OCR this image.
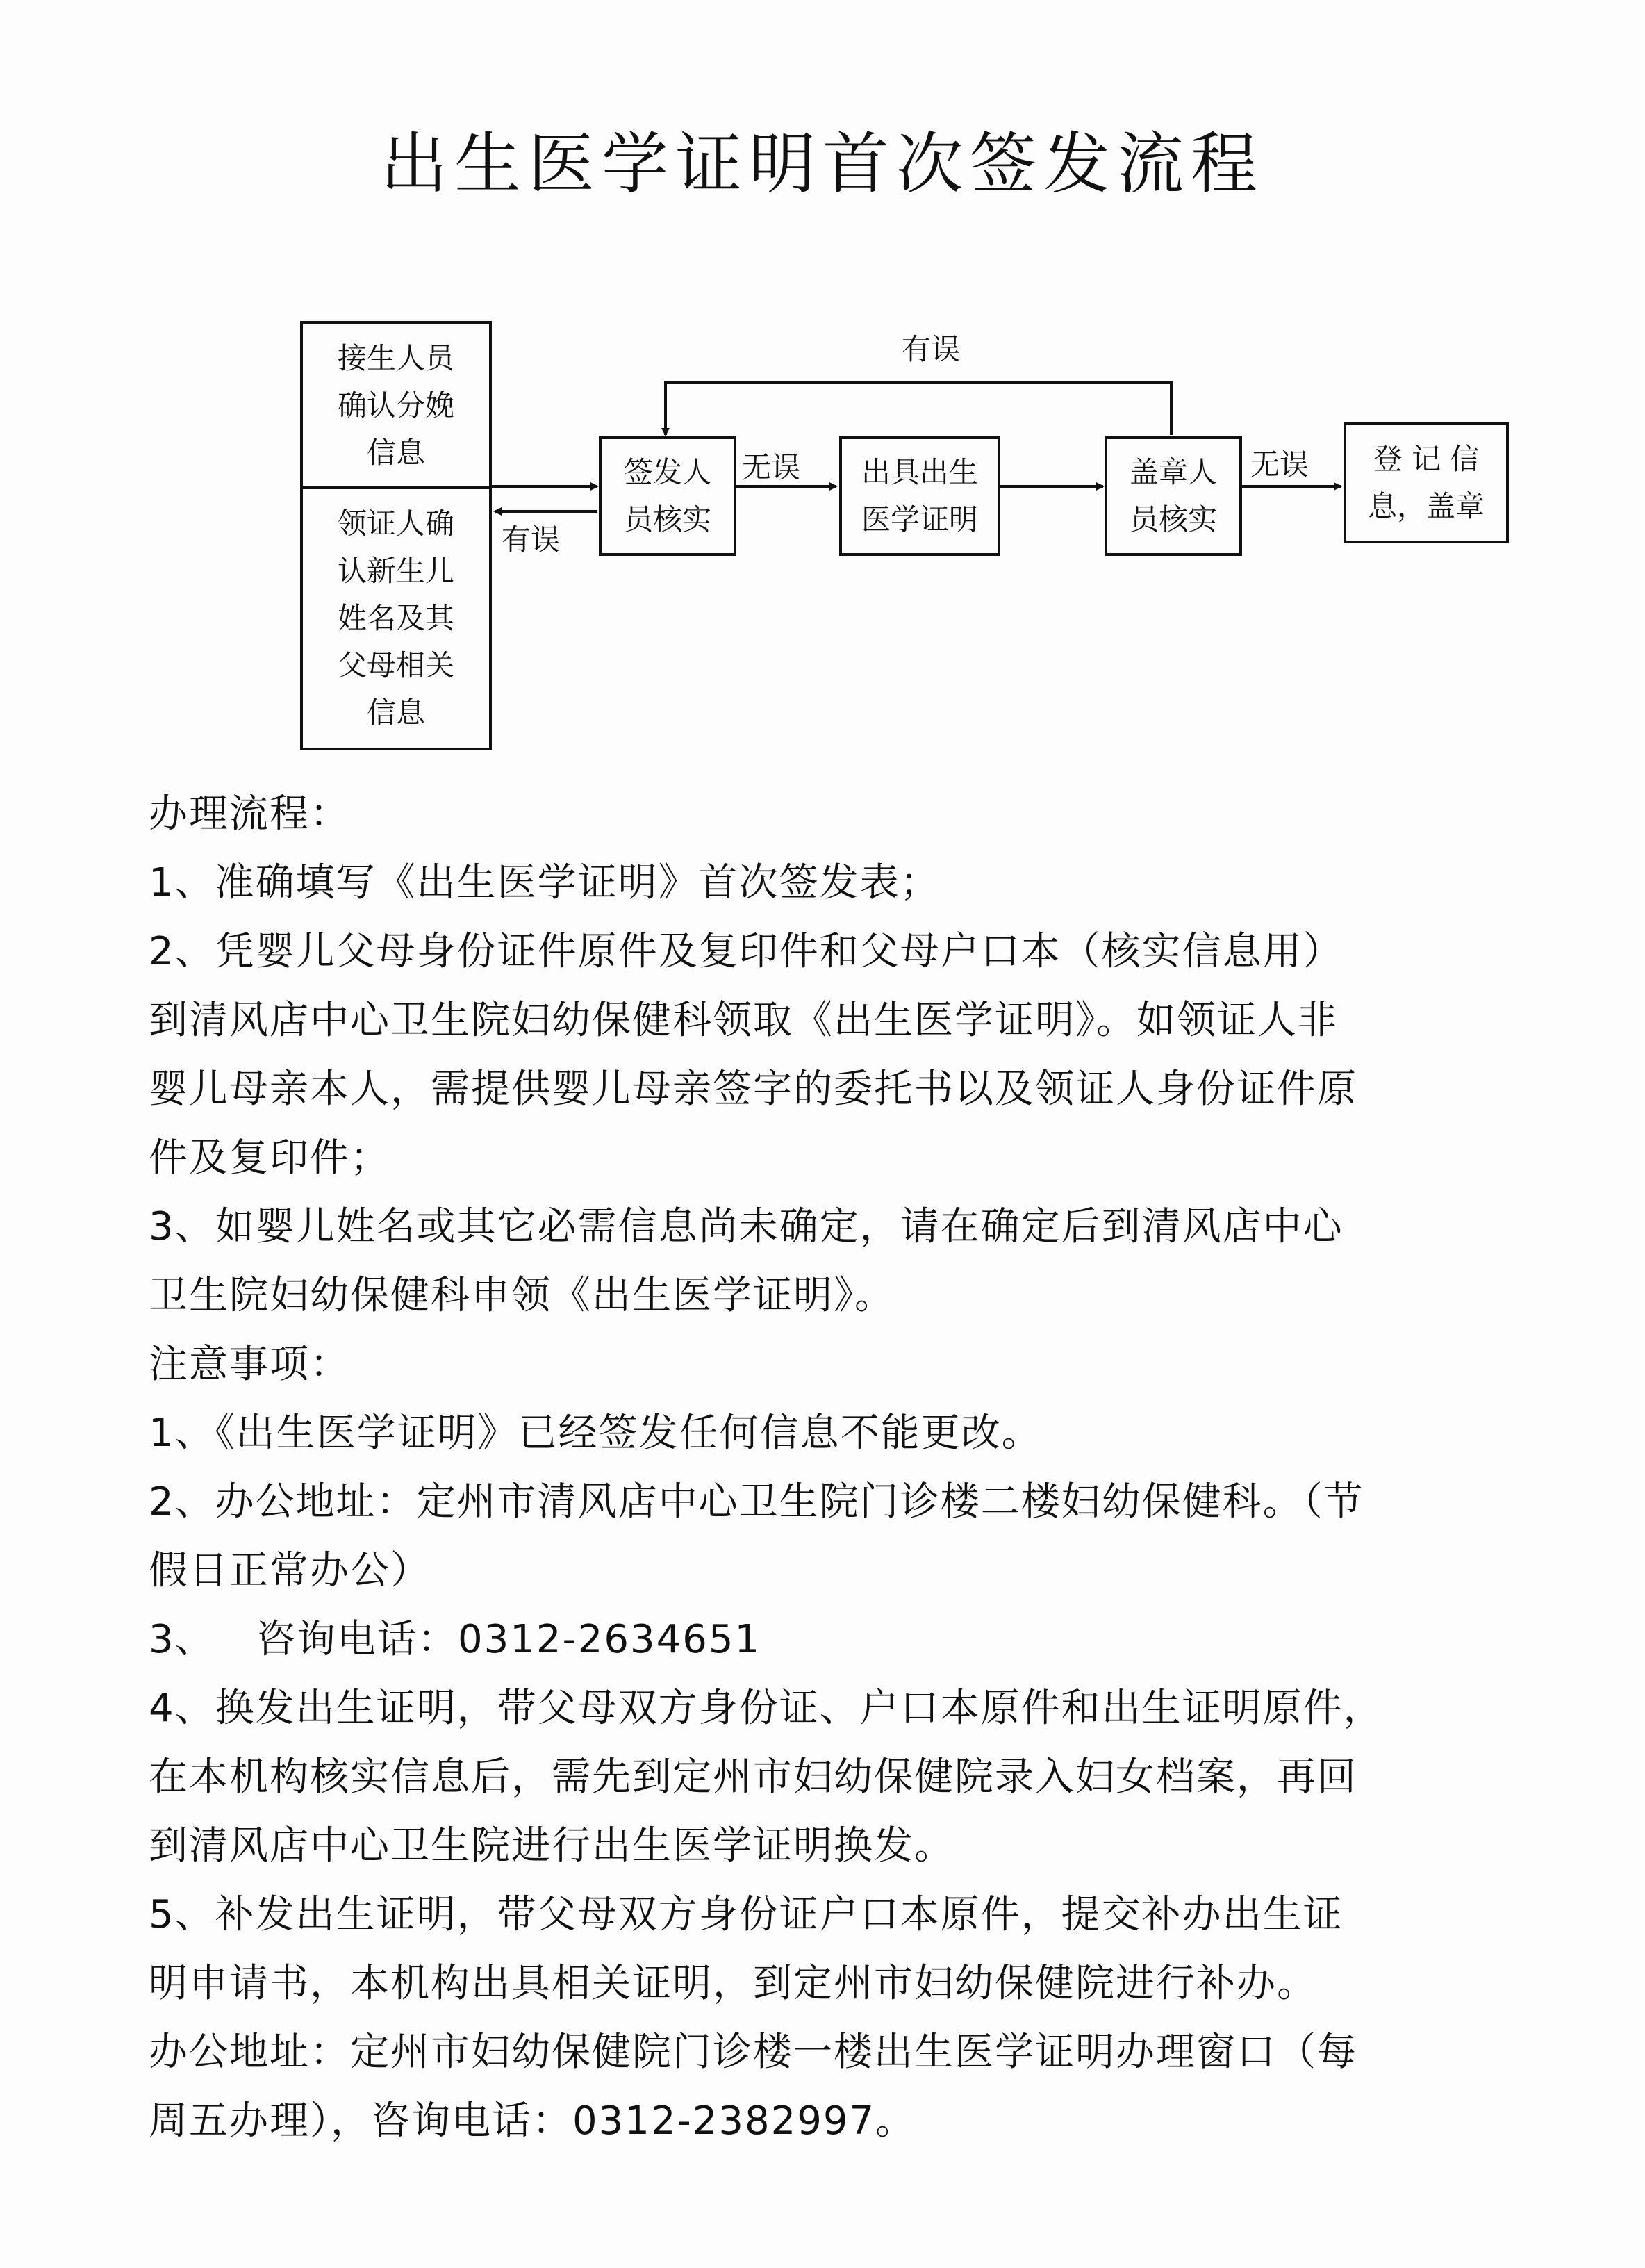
出生医学证明首次签发流程
接生人员
确认分娩
信息
领证人确
认新生儿
姓名及其
父母相关
信息
签发人
员核实
出具出生
医学证明
盖章人
员核实
登 记 信
息，盖章
有误
有误
无误	无误

办理流程：

1、准确填写《出生医学证明》首次签发表；

2、凭婴儿父母身份证件原件及复印件和父母户口本（核实信息用）

到清风店中心卫生院妇幼保健科领取《出生医学证明》。如领证人非

婴儿母亲本人，需提供婴儿母亲签字的委托书以及领证人身份证件原

件及复印件；

3、如婴儿姓名或其它必需信息尚未确定，请在确定后到清风店中心

卫生院妇幼保健科申领《出生医学证明》。

注意事项：

1、《出生医学证明》已经签发任何信息不能更改。

2、办公地址：定州市清风店中心卫生院门诊楼二楼妇幼保健科。（节

假日正常办公）

3、   咨询电话：0312-2634651

4、换发出生证明，带父母双方身份证、户口本原件和出生证明原件，

在本机构核实信息后，需先到定州市妇幼保健院录入妇女档案，再回

到清风店中心卫生院进行出生医学证明换发。

5、补发出生证明，带父母双方身份证户口本原件，提交补办出生证

明申请书，本机构出具相关证明，到定州市妇幼保健院进行补办。

办公地址：定州市妇幼保健院门诊楼一楼出生医学证明办理窗口（每

周五办理），咨询电话：0312-2382997。
